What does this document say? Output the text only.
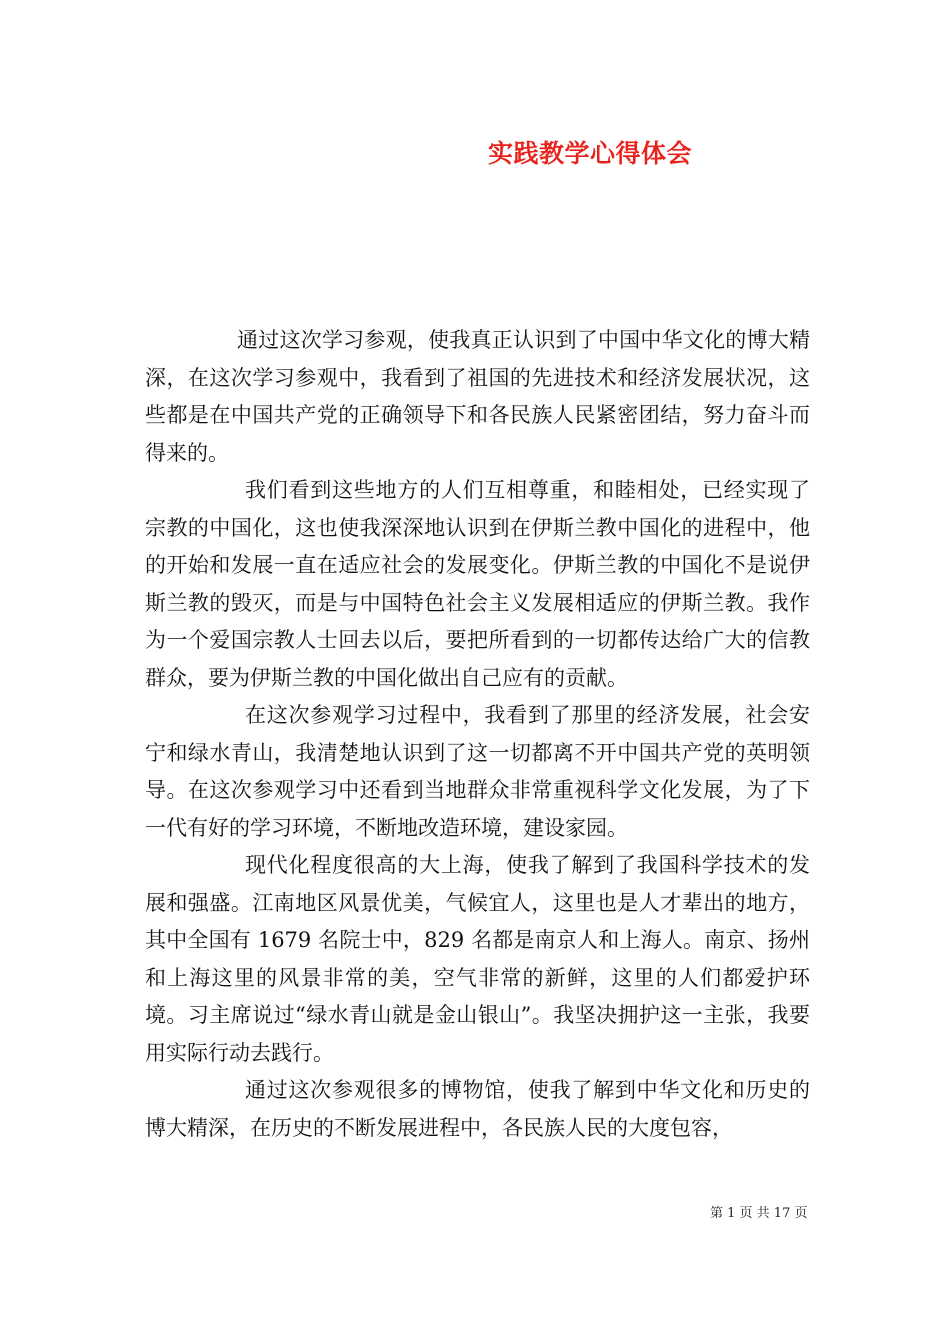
实践教学心得体会

通过这次学习参观，使我真正认识到了中国中华文化的博大精深，在这次学习参观中，我看到了祖国的先进技术和经济发展状况，这些都是在中国共产党的正确领导下和各民族人民紧密团结，努力奋斗而得来的。

我们看到这些地方的人们互相尊重，和睦相处，已经实现了宗教的中国化，这也使我深深地认识到在伊斯兰教中国化的进程中，他的开始和发展一直在适应社会的发展变化。伊斯兰教的中国化不是说伊斯兰教的毁灭，而是与中国特色社会主义发展相适应的伊斯兰教。我作为一个爱国宗教人士回去以后，要把所看到的一切都传达给广大的信教群众，要为伊斯兰教的中国化做出自己应有的贡献。

在这次参观学习过程中，我看到了那里的经济发展，社会安宁和绿水青山，我清楚地认识到了这一切都离不开中国共产党的英明领导。在这次参观学习中还看到当地群众非常重视科学文化发展，为了下一代有好的学习环境，不断地改造环境，建设家园。

现代化程度很高的大上海，使我了解到了我国科学技术的发展和强盛。江南地区风景优美，气候宜人，这里也是人才辈出的地方，其中全国有 1679 名院士中，829 名都是南京人和上海人。南京、扬州和上海这里的风景非常的美，空气非常的新鲜，这里的人们都爱护环境。习主席说过“绿水青山就是金山银山”。我坚决拥护这一主张，我要用实际行动去践行。

通过这次参观很多的博物馆，使我了解到中华文化和历史的博大精深，在历史的不断发展进程中，各民族人民的大度包容，

第 1 页 共 17 页
